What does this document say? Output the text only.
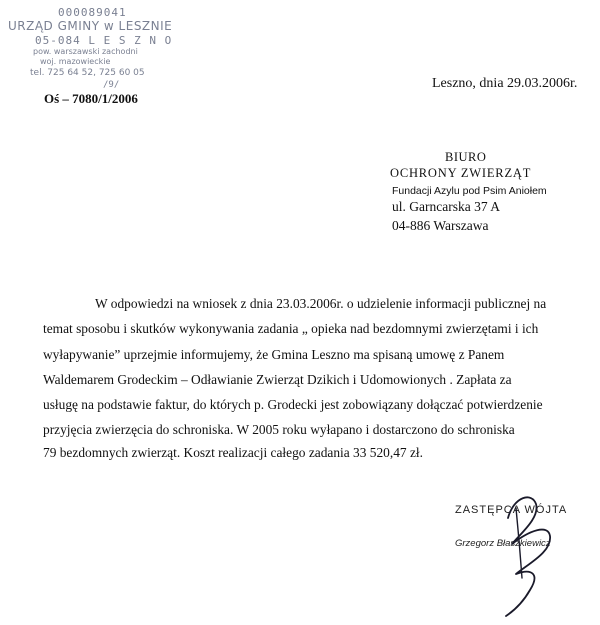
000089041
URZĄD GMINY w LESZNIE
05-084 L E S Z N O
pow. warszawski zachodni
woj. mazowieckie
tel. 725 64 52, 725 60 05
/9/
Oś – 7080/1/2006
Leszno, dnia 29.03.2006r.
BIURO
OCHRONY ZWIERZĄT
Fundacji Azylu pod Psim Aniołem
ul. Garncarska 37 A
04-886 Warszawa
W odpowiedzi na wniosek z dnia 23.03.2006r. o udzielenie informacji publicznej na
temat sposobu i skutków wykonywania zadania „ opieka nad bezdomnymi zwierzętami i ich
wyłapywanie” uprzejmie informujemy, że Gmina Leszno ma spisaną umowę z Panem
Waldemarem Grodeckim – Odławianie Zwierząt Dzikich i Udomowionych . Zapłata za
usługę na podstawie faktur, do których p. Grodecki jest zobowiązany dołączać potwierdzenie
przyjęcia zwierzęcia do schroniska. W 2005 roku wyłapano i dostarczono do schroniska
79 bezdomnych zwierząt. Koszt realizacji całego zadania 33 520,47 zł.
ZASTĘPCA WÓJTA
Grzegorz Błaszkiewicz
